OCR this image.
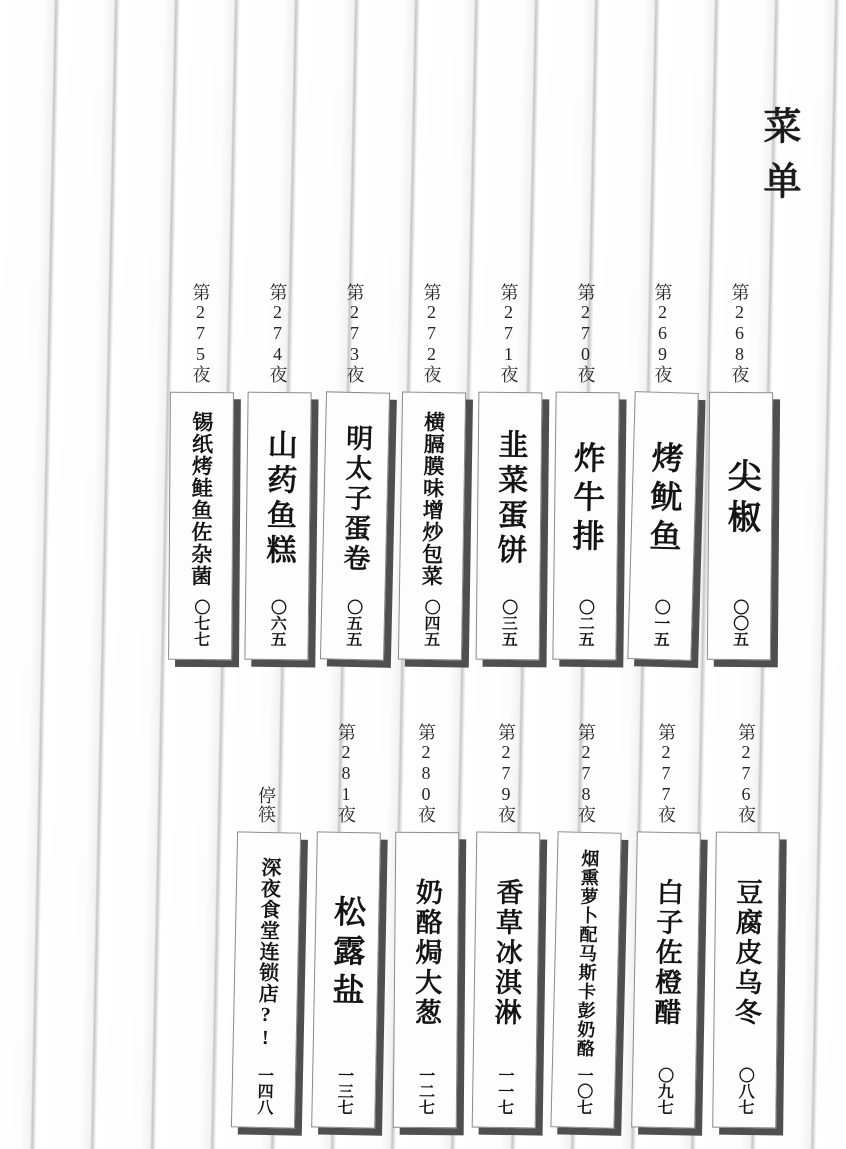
菜单
第268夜
尖椒
〇〇五
第269夜
烤鱿鱼
〇一五
第270夜
炸牛排
〇二五
第271夜
韭菜蛋饼
〇三五
第272夜
横膈膜味增炒包菜
〇四五
第273夜
明太子蛋卷
〇五五
第274夜
山药鱼糕
〇六五
第275夜
锡纸烤鲑鱼佐杂菌
〇七七
第276夜
豆腐皮乌冬
〇八七
第277夜
白子佐橙醋
〇九七
第278夜
烟熏萝卜配马斯卡彭奶酪
一〇七
第279夜
香草冰淇淋
一一七
第280夜
奶酪焗大葱
一二七
第281夜
松露盐
一三七
停筷
深夜食堂连锁店?!
一四八
